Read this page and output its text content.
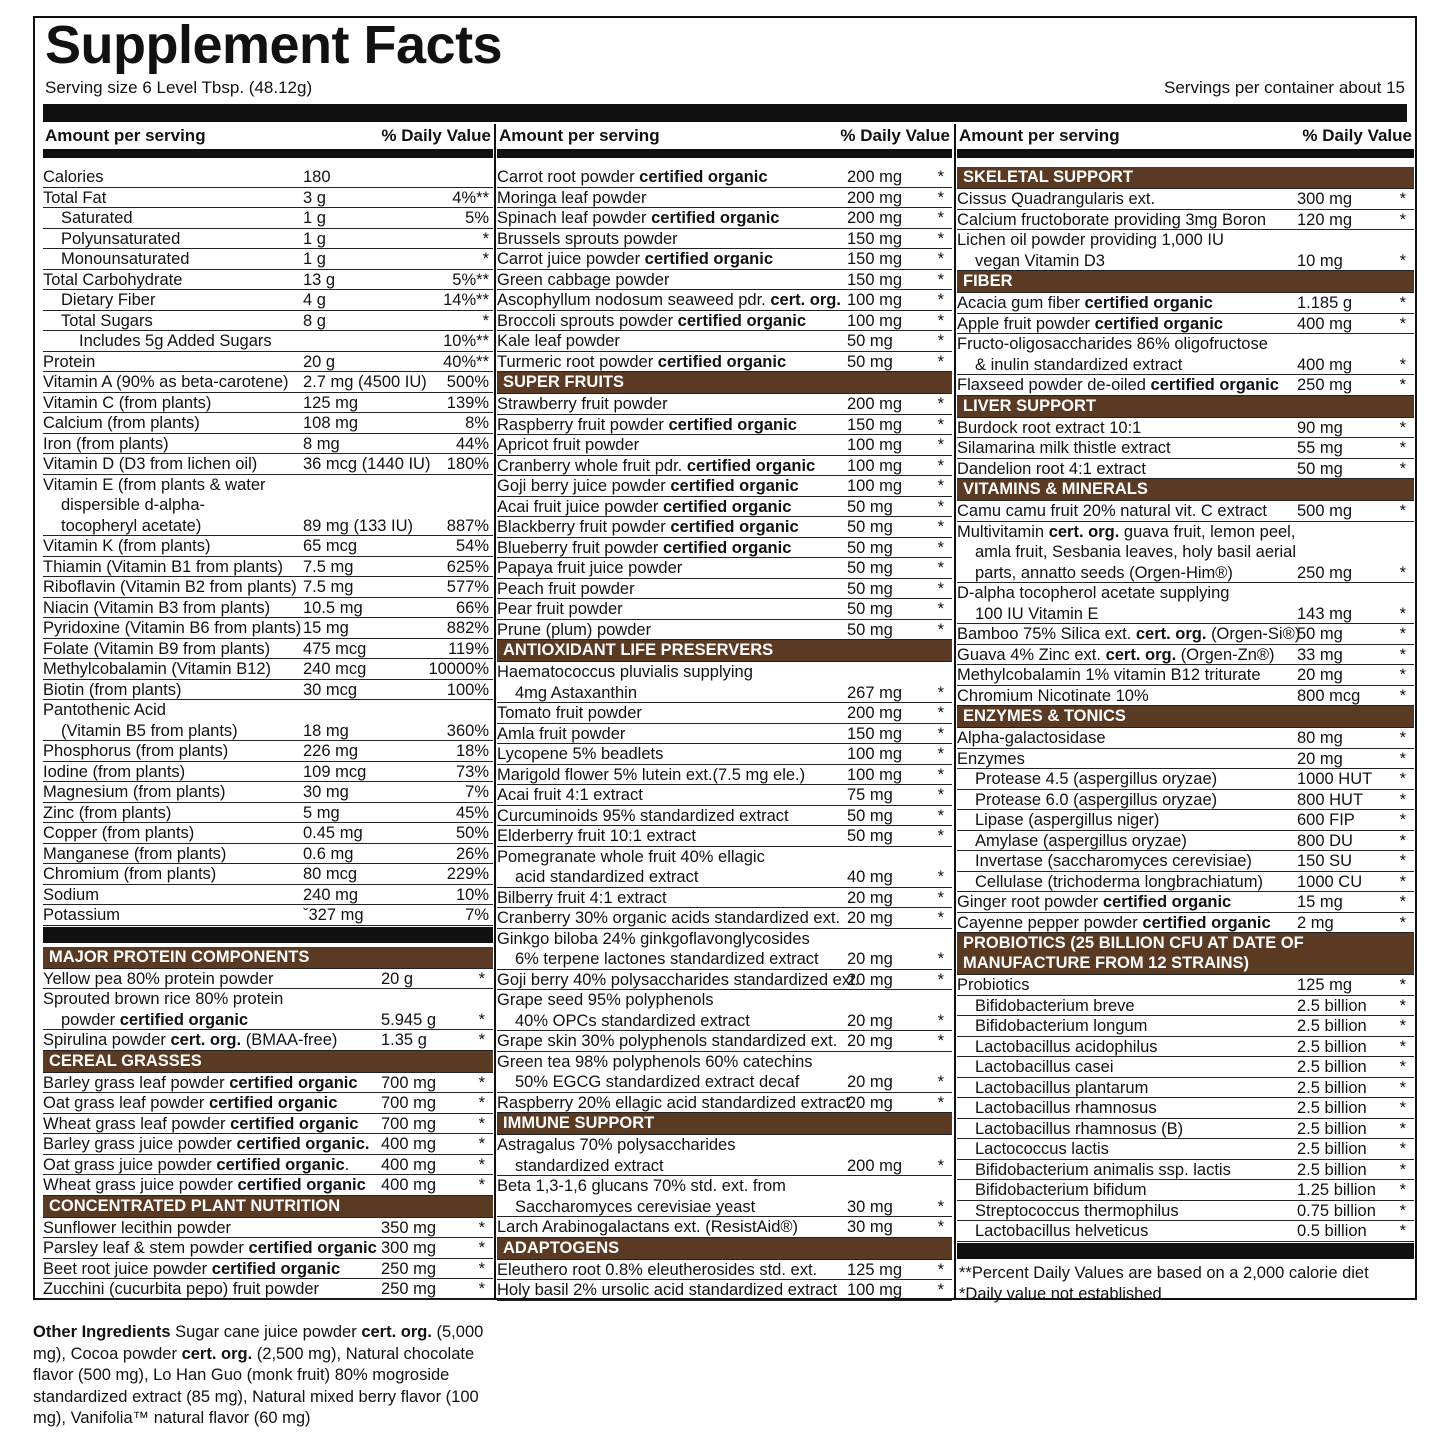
Supplement Facts
Serving size 6 Level Tbsp. (48.12g)	Servings per container about 15
Amount per serving	% Daily Value
Calories	180
Total Fat	3 g	4%**
Saturated	1 g	5%
Polyunsaturated	1 g	*
Monounsaturated	1 g	*
Total Carbohydrate	13 g	5%**
Dietary Fiber	4 g	14%**
Total Sugars	8 g	*
Includes 5g Added Sugars	10%**
Protein	20 g	40%**
Vitamin A (90% as beta-carotene) 2.7 mg (4500 IU) 500%
Vitamin C (from plants)	125 mg	139%
Calcium (from plants)	108 mg	8%
Iron (from plants)	8 mg	44%
Vitamin D (D3 from lichen oil)	36 mcg (1440 IU) 180%
Vitamin E (from plants & water
dispersible d-alpha-
tocopheryl acetate)	89 mg (133 IU) 887%
Vitamin K (from plants)	65 mcg	54%
Thiamin (Vitamin B1 from plants) 7.5 mg	625%
Riboflavin (Vitamin B2 from plants) 7.5 mg	577%
Niacin (Vitamin B3 from plants) 10.5 mg	66%
Pyridoxine (Vitamin B6 from plants) 15 mg	882%
Folate (Vitamin B9 from plants) 475 mcg	119%
Methylcobalamin (Vitamin B12) 240 mcg	10000%
Biotin (from plants)	30 mcg	100%
Pantothenic Acid
(Vitamin B5 from plants)	18 mg	360%
Phosphorus (from plants)	226 mg	18%
Iodine (from plants)	109 mcg	73%
Magnesium (from plants)	30 mg	7%
Zinc (from plants)	5 mg	45%
Copper (from plants)	0.45 mg	50%
Manganese (from plants)	0.6 mg	26%
Chromium (from plants)	80 mcg	229%
Sodium	240 mg	10%
Potassium	ˇ327 mg	7%
MAJOR PROTEIN COMPONENTS
Yellow pea 80% protein powder	20 g	*
Sprouted brown rice 80% protein
powder certified organic	5.945 g	*
Spirulina powder cert. org. (BMAA-free)	1.35 g	*
CEREAL GRASSES
Barley grass leaf powder certified organic 700 mg	*
Oat grass leaf powder certified organic	700 mg	*
Wheat grass leaf powder certified organic 700 mg	*
Barley grass juice powder certified organic. 400 mg	*
Oat grass juice powder certified organic. 400 mg	*
Wheat grass juice powder certified organic 400 mg	*
CONCENTRATED PLANT NUTRITION
Sunflower lecithin powder	350 mg	*
Parsley leaf & stem powder certified organic 300 mg	*
Beet root juice powder certified organic 250 mg	*
Zucchini (cucurbita pepo) fruit powder	250 mg	*
Amount per serving	% Daily Value
Carrot root powder certified organic	200 mg *
Moringa leaf powder	200 mg *
Spinach leaf powder certified organic	200 mg *
Brussels sprouts powder	150 mg *
Carrot juice powder certified organic	150 mg *
Green cabbage powder	150 mg *
Ascophyllum nodosum seaweed pdr. cert. org. 100 mg *
Broccoli sprouts powder certified organic 100 mg *
Kale leaf powder	50 mg	*
Turmeric root powder certified organic	50 mg	*
SUPER FRUITS
Strawberry fruit powder	200 mg *
Raspberry fruit powder certified organic	150 mg *
Apricot fruit powder	100 mg *
Cranberry whole fruit pdr. certified organic 100 mg *
Goji berry juice powder certified organic	100 mg *
Acai fruit juice powder certified organic	50 mg	*
Blackberry fruit powder certified organic	50 mg	*
Blueberry fruit powder certified organic	50 mg	*
Papaya fruit juice powder	50 mg	*
Peach fruit powder	50 mg	*
Pear fruit powder	50 mg	*
Prune (plum) powder	50 mg	*
ANTIOXIDANT LIFE PRESERVERS
Haematococcus pluvialis supplying
4mg Astaxanthin	267 mg *
Tomato fruit powder	200 mg *
Amla fruit powder	150 mg *
Lycopene 5% beadlets	100 mg *
Marigold flower 5% lutein ext.(7.5 mg ele.)	100 mg *
Acai fruit 4:1 extract	75 mg	*
Curcuminoids 95% standardized extract	50 mg	*
Elderberry fruit 10:1 extract	50 mg	*
Pomegranate whole fruit 40% ellagic
acid standardized extract	40 mg	*
Bilberry fruit 4:1 extract	20 mg	*
Cranberry 30% organic acids standardized ext. 20 mg	*
Ginkgo biloba 24% ginkgoflavonglycosides
6% terpene lactones standardized extract 20 mg	*
Goji berry 40% polysaccharides standardized ext.
20 mg	*
Grape seed 95% polyphenols
40% OPCs standardized extract	20 mg	*
Grape skin 30% polyphenols standardized ext. 20 mg	*
Green tea 98% polyphenols 60% catechins
50% EGCG standardized extract decaf	20 mg	*
Raspberry 20% ellagic acid standardized extract
20 mg	*
IMMUNE SUPPORT
Astragalus 70% polysaccharides
standardized extract	200 mg *
Beta 1,3-1,6 glucans 70% std. ext. from
Saccharomyces cerevisiae yeast	30 mg	*
Larch Arabinogalactans ext. (ResistAid®)	30 mg	*
ADAPTOGENS
Eleuthero root 0.8% eleutherosides std. ext. 125 mg *
Holy basil 2% ursolic acid standardized extract 100 mg *
Amount per serving	% Daily Value
SKELETAL SUPPORT
Cissus Quadrangularis ext.	300 mg	*
Calcium fructoborate providing 3mg Boron 120 mg	*
Lichen oil powder providing 1,000 IU
vegan Vitamin D3	10 mg	*
FIBER
Acacia gum fiber certified organic	1.185 g	*
Apple fruit powder certified organic	400 mg	*
Fructo-oligosaccharides 86% oligofructose
& inulin standardized extract	400 mg	*
Flaxseed powder de-oiled certified organic 250 mg	*
LIVER SUPPORT
Burdock root extract 10:1	90 mg	*
Silamarina milk thistle extract	55 mg	*
Dandelion root 4:1 extract	50 mg	*
VITAMINS & MINERALS
Camu camu fruit 20% natural vit. C extract 500 mg	*
Multivitamin cert. org. guava fruit, lemon peel,
amla fruit, Sesbania leaves, holy basil aerial
parts, annatto seeds (Orgen-Him®)	250 mg	*
D-alpha tocopherol acetate supplying
100 IU Vitamin E	143 mg	*
Bamboo 75% Silica ext. cert. org. (Orgen-Si®)
50 mg	*
Guava 4% Zinc ext. cert. org. (Orgen-Zn®) 33 mg	*
Methylcobalamin 1% vitamin B12 triturate 20 mg	*
Chromium Nicotinate 10%	800 mcg *
ENZYMES & TONICS
Alpha-galactosidase	80 mg	*
Enzymes	20 mg	*
Protease 4.5 (aspergillus oryzae)	1000 HUT *
Protease 6.0 (aspergillus oryzae)	800 HUT *
Lipase (aspergillus niger)	600 FIP	*
Amylase (aspergillus oryzae)	800 DU	*
Invertase (saccharomyces cerevisiae)	150 SU	*
Cellulase (trichoderma longbrachiatum) 1000 CU *
Ginger root powder certified organic	15 mg	*
Cayenne pepper powder certified organic 2 mg	*
PROBIOTICS (25 BILLION CFU AT DATE OF MANUFACTURE FROM 12 STRAINS)
Probiotics	125 mg	*
Bifidobacterium breve	2.5 billion *
Bifidobacterium longum	2.5 billion *
Lactobacillus acidophilus	2.5 billion *
Lactobacillus casei	2.5 billion *
Lactobacillus plantarum	2.5 billion *
Lactobacillus rhamnosus	2.5 billion *
Lactobacillus rhamnosus (B)	2.5 billion *
Lactococcus lactis	2.5 billion *
Bifidobacterium animalis ssp. lactis	2.5 billion *
Bifidobacterium bifidum	1.25 billion *
Streptococcus thermophilus	0.75 billion *
Lactobacillus helveticus	0.5 billion *
**Percent Daily Values are based on a 2,000 calorie diet
*Daily value not established
Other Ingredients Sugar cane juice powder cert. org. (5,000 mg), Cocoa powder cert. org. (2,500 mg), Natural chocolate flavor (500 mg), Lo Han Guo (monk fruit) 80% mogroside standardized extract (85 mg), Natural mixed berry flavor (100 mg), Vanifolia™ natural flavor (60 mg)
